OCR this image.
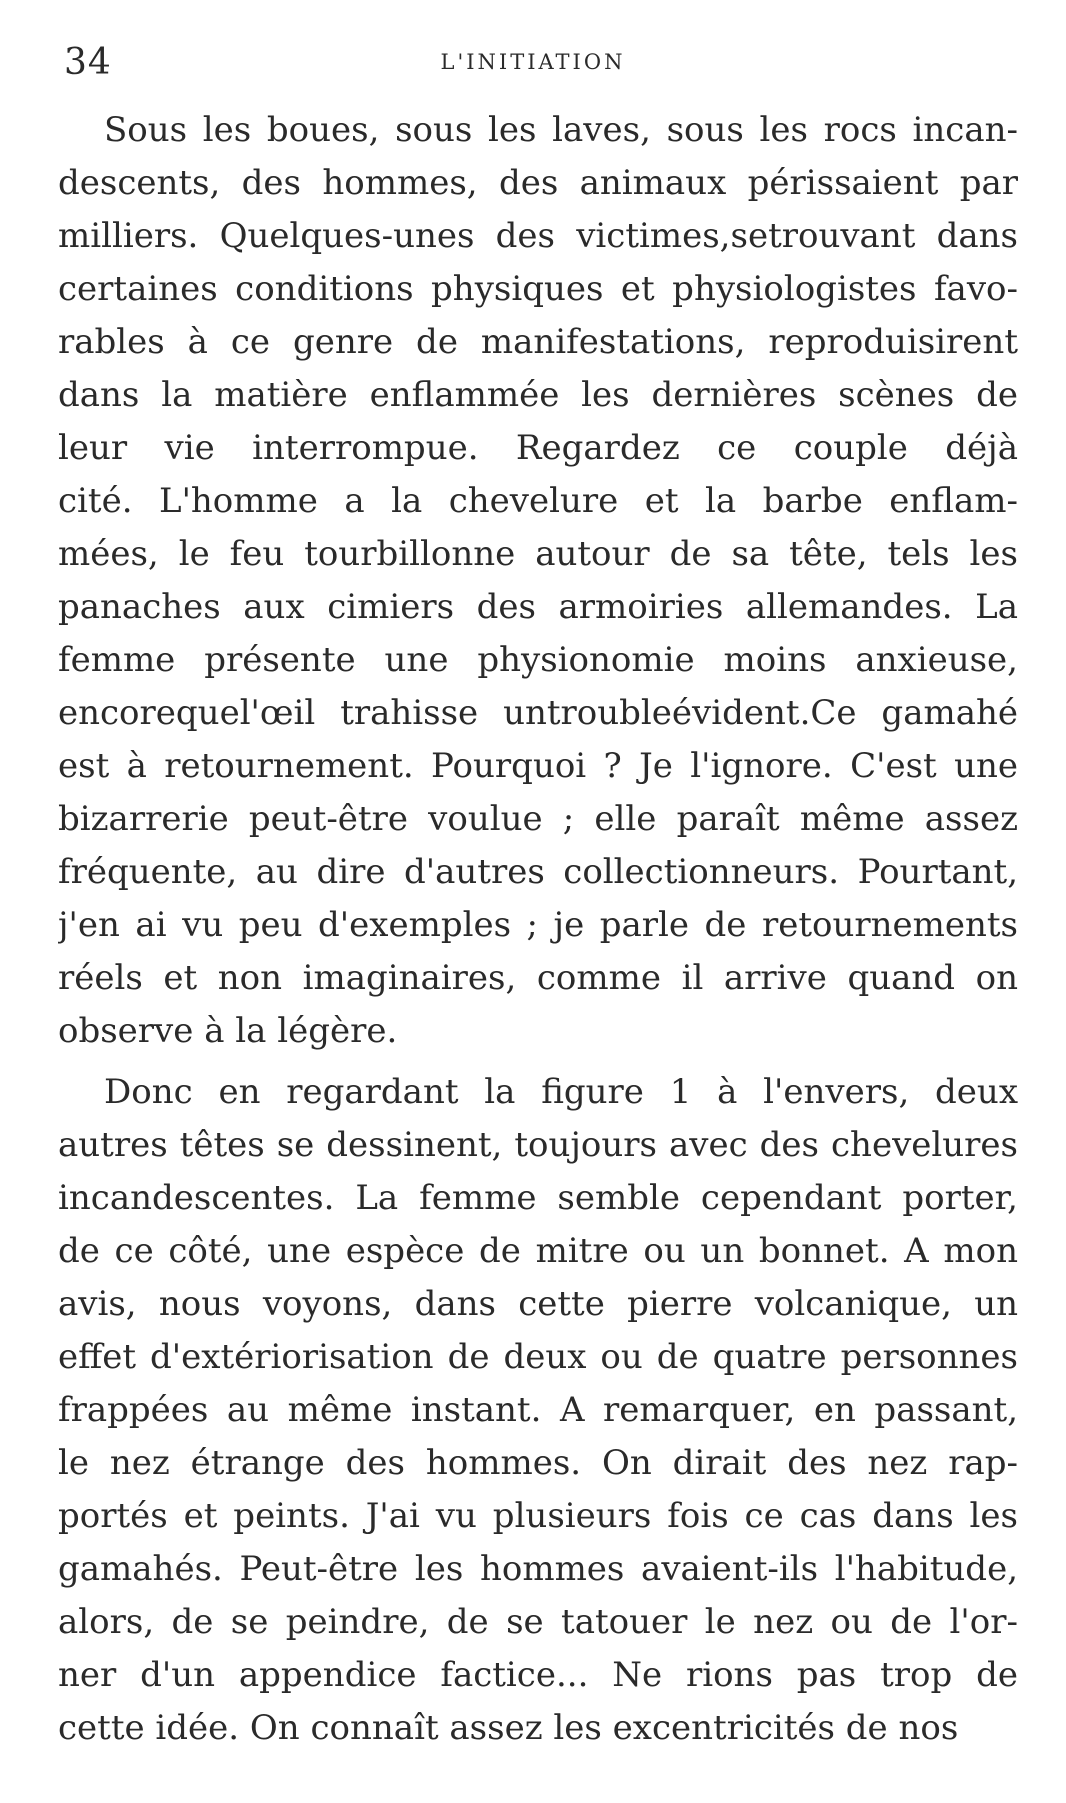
34	L'INITIATION
Sous les boues, sous les laves, sous les rocs incan-
descents, des hommes, des animaux périssaient par
milliers. Quelques-unes des victimes,setrouvant dans
certaines conditions physiques et physiologistes favo-
rables à ce genre de manifestations, reproduisirent
dans la matière enflammée les dernières scènes de
leur vie interrompue. Regardez ce couple déjà
cité. L'homme a la chevelure et la barbe enflam-
mées, le feu tourbillonne autour de sa tête, tels les
panaches aux cimiers des armoiries allemandes. La
femme présente une physionomie moins anxieuse,
encorequel'œil trahisse untroubleévident.Ce gamahé
est à retournement. Pourquoi ? Je l'ignore. C'est une
bizarrerie peut-être voulue ; elle paraît même assez
fréquente, au dire d'autres collectionneurs. Pourtant,
j'en ai vu peu d'exemples ; je parle de retournements
réels et non imaginaires, comme il arrive quand on
observe à la légère.
Donc en regardant la figure 1 à l'envers, deux
autres têtes se dessinent, toujours avec des chevelures
incandescentes. La femme semble cependant porter,
de ce côté, une espèce de mitre ou un bonnet. A mon
avis, nous voyons, dans cette pierre volcanique, un
effet d'extériorisation de deux ou de quatre personnes
frappées au même instant. A remarquer, en passant,
le nez étrange des hommes. On dirait des nez rap-
portés et peints. J'ai vu plusieurs fois ce cas dans les
gamahés. Peut-être les hommes avaient-ils l'habitude,
alors, de se peindre, de se tatouer le nez ou de l'or-
ner d'un appendice factice... Ne rions pas trop de
cette idée. On connaît assez les excentricités de nos
